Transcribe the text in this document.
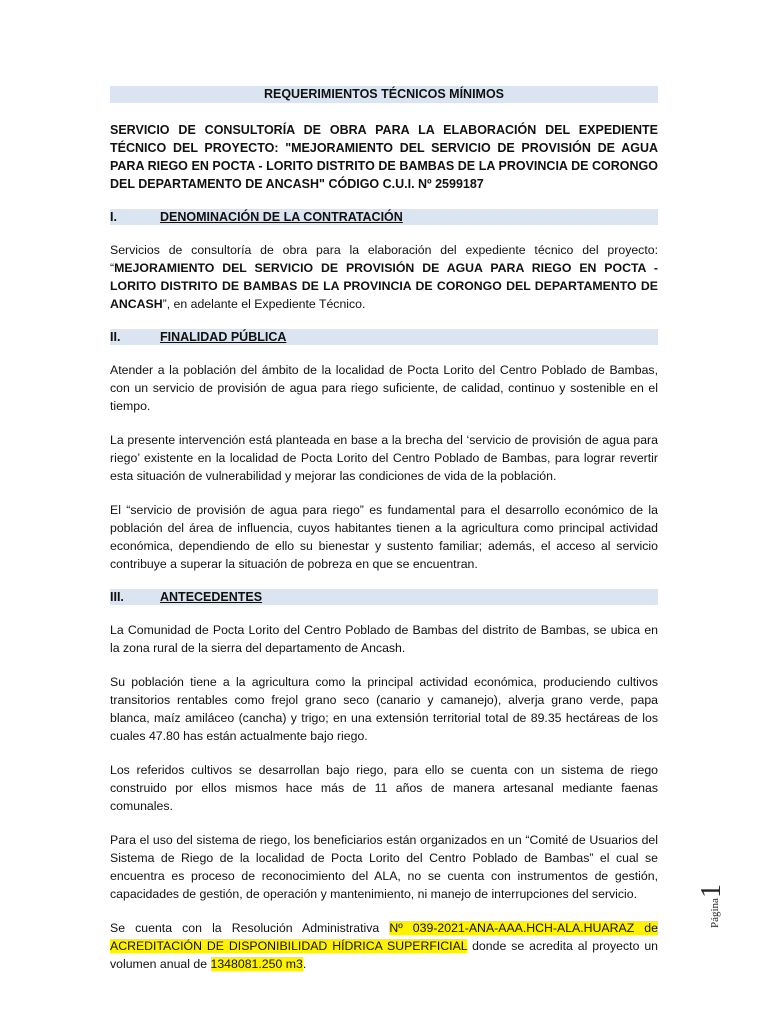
REQUERIMIENTOS TÉCNICOS MÍNIMOS
SERVICIO DE CONSULTORÍA DE OBRA PARA LA ELABORACIÓN DEL EXPEDIENTE TÉCNICO DEL PROYECTO: "MEJORAMIENTO DEL SERVICIO DE PROVISIÓN DE AGUA PARA RIEGO EN POCTA - LORITO DISTRITO DE BAMBAS DE LA PROVINCIA DE CORONGO DEL DEPARTAMENTO DE ANCASH" CÓDIGO C.U.I. Nº 2599187
I.	DENOMINACIÓN DE LA CONTRATACIÓN

Servicios de consultoría de obra para la elaboración del expediente técnico del proyecto: “MEJORAMIENTO DEL SERVICIO DE PROVISIÓN DE AGUA PARA RIEGO EN POCTA - LORITO DISTRITO DE BAMBAS DE LA PROVINCIA DE CORONGO DEL DEPARTAMENTO DE ANCASH”, en adelante el Expediente Técnico.

II.	FINALIDAD PÚBLICA

Atender a la población del ámbito de la localidad de Pocta Lorito del Centro Poblado de Bambas, con un servicio de provisión de agua para riego suficiente, de calidad, continuo y sostenible en el tiempo.

La presente intervención está planteada en base a la brecha del ‘servicio de provisión de agua para riego’ existente en la localidad de Pocta Lorito del Centro Poblado de Bambas, para lograr revertir esta situación de vulnerabilidad y mejorar las condiciones de vida de la población.

El “servicio de provisión de agua para riego” es fundamental para el desarrollo económico de la población del área de influencia, cuyos habitantes tienen a la agricultura como principal actividad económica, dependiendo de ello su bienestar y sustento familiar; además, el acceso al servicio contribuye a superar la situación de pobreza en que se encuentran.

III.	ANTECEDENTES

La Comunidad de Pocta Lorito del Centro Poblado de Bambas del distrito de Bambas, se ubica en la zona rural de la sierra del departamento de Ancash.

Su población tiene a la agricultura como la principal actividad económica, produciendo cultivos transitorios rentables como frejol grano seco (canario y camanejo), alverja grano verde, papa blanca, maíz amiláceo (cancha) y trigo; en una extensión territorial total de 89.35 hectáreas de los cuales 47.80 has están actualmente bajo riego.

Los referidos cultivos se desarrollan bajo riego, para ello se cuenta con un sistema de riego construido por ellos mismos hace más de 11 años de manera artesanal mediante faenas comunales.

Para el uso del sistema de riego, los beneficiarios están organizados en un “Comité de Usuarios del Sistema de Riego de la localidad de Pocta Lorito del Centro Poblado de Bambas” el cual se encuentra es proceso de reconocimiento del ALA, no se cuenta con instrumentos de gestión, capacidades de gestión, de operación y mantenimiento, ni manejo de interrupciones del servicio.

Se cuenta con la Resolución Administrativa Nº 039-2021-ANA-AAA.HCH-ALA.HUARAZ de ACREDITACIÓN DE DISPONIBILIDAD HÍDRICA SUPERFICIAL donde se acredita al proyecto un volumen anual de 1348081.250 m3.

Página1
